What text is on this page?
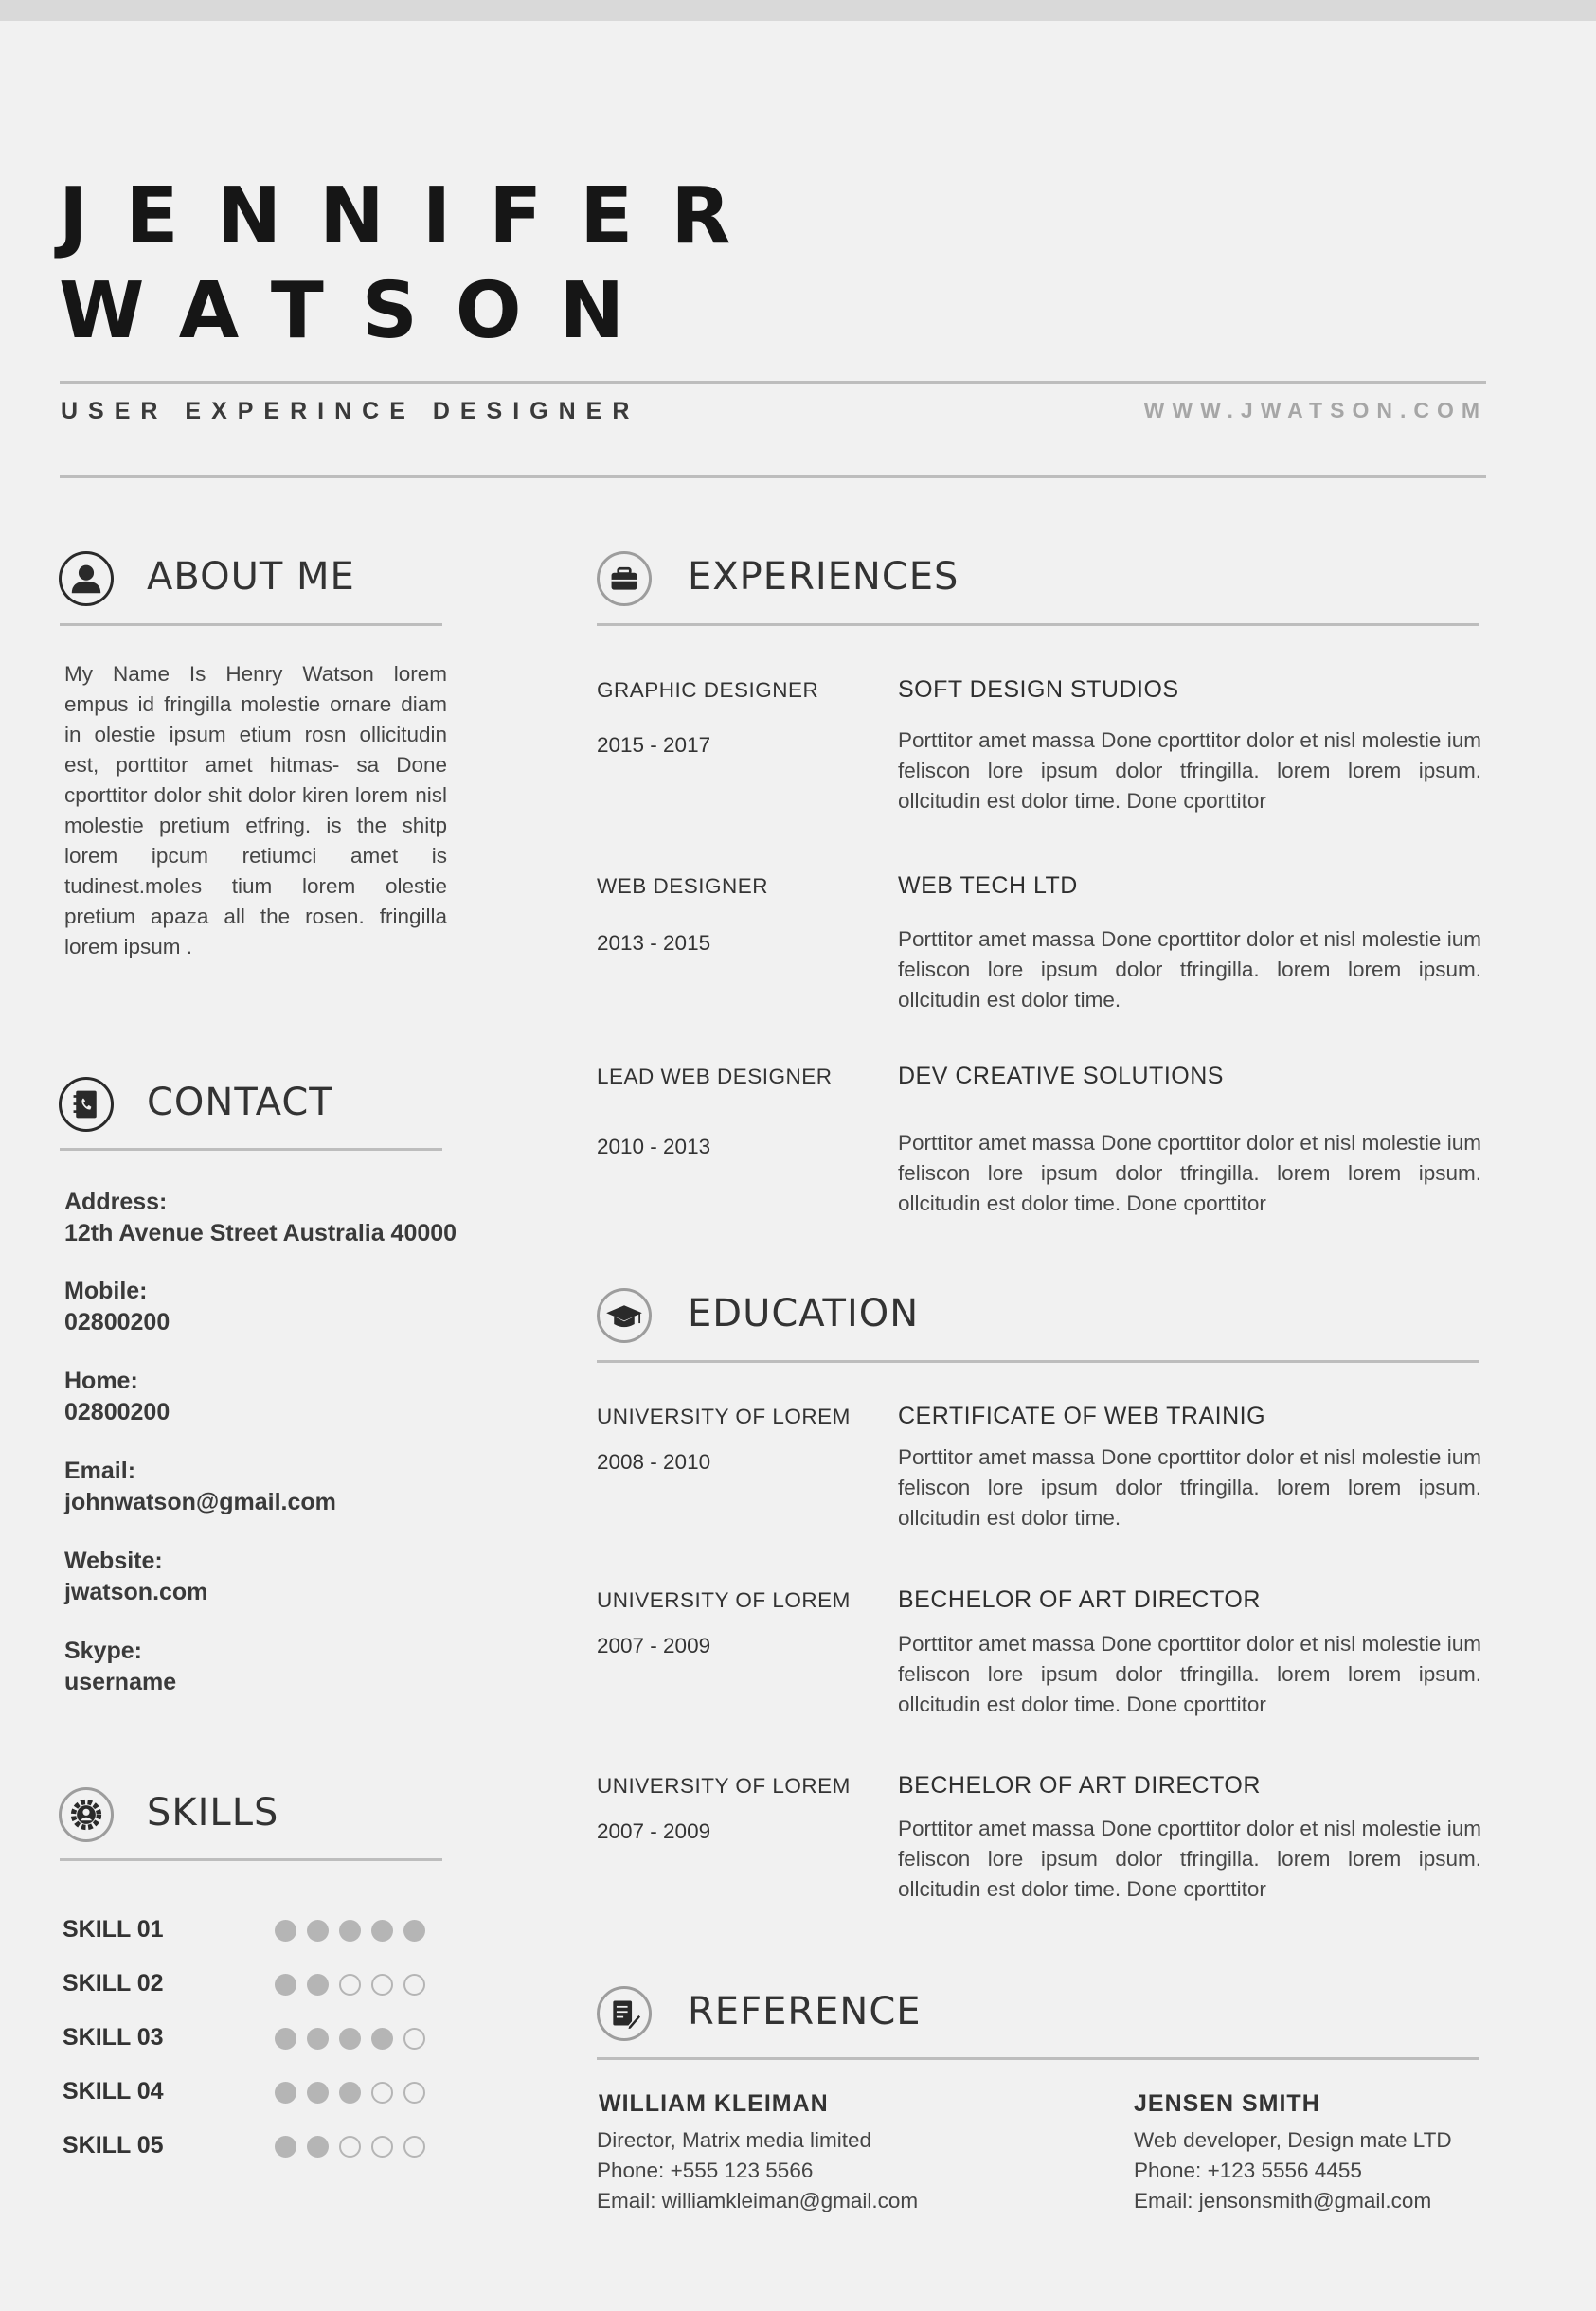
JENNIFER
WATSON
USER EXPERINCE DESIGNER	WWW.JWATSON.COM
ABOUT ME
My Name Is Henry Watson lorem empus id fringilla molestie ornare diam in olestie ipsum etium rosn ollicitudin est, porttitor amet hitmas- sa Done cporttitor dolor shit dolor kiren lorem nisl molestie pretium etfring. is the shitp lorem ipcum retiumci amet is tudinest.moles tium lorem olestie pretium apaza all the rosen. fringilla lorem ipsum .
CONTACT
Address:
12th Avenue Street Australia 40000
Mobile:
02800200
Home:
02800200
Email:
johnwatson@gmail.com
Website:
jwatson.com
Skype:
username
SKILLS
SKILL 01
SKILL 02
SKILL 03
SKILL 04
SKILL 05
EXPERIENCES
GRAPHIC DESIGNER
2015 - 2017
SOFT DESIGN STUDIOS
Porttitor amet massa Done cporttitor dolor et nisl molestie ium feliscon lore ipsum dolor tfringilla. lorem lorem ipsum. ollcitudin est dolor time. Done cporttitor
WEB DESIGNER
2013 - 2015
WEB TECH LTD
Porttitor amet massa Done cporttitor dolor et nisl molestie ium feliscon lore ipsum dolor tfringilla. lorem lorem ipsum. ollcitudin est dolor time.
LEAD WEB DESIGNER
2010 - 2013
DEV CREATIVE SOLUTIONS
Porttitor amet massa Done cporttitor dolor et nisl molestie ium feliscon lore ipsum dolor tfringilla. lorem lorem ipsum. ollcitudin est dolor time. Done cporttitor
EDUCATION
UNIVERSITY OF LOREM
2008 - 2010
CERTIFICATE OF WEB TRAINIG
Porttitor amet massa Done cporttitor dolor et nisl molestie ium feliscon lore ipsum dolor tfringilla. lorem lorem ipsum. ollcitudin est dolor time.
UNIVERSITY OF LOREM
2007 - 2009
BECHELOR OF ART DIRECTOR
Porttitor amet massa Done cporttitor dolor et nisl molestie ium feliscon lore ipsum dolor tfringilla. lorem lorem ipsum. ollcitudin est dolor time. Done cporttitor
UNIVERSITY OF LOREM
2007 - 2009
BECHELOR OF ART DIRECTOR
Porttitor amet massa Done cporttitor dolor et nisl molestie ium feliscon lore ipsum dolor tfringilla. lorem lorem ipsum. ollcitudin est dolor time. Done cporttitor
REFERENCE
WILLIAM KLEIMAN
Director, Matrix media limited
Phone: +555 123 5566
Email: williamkleiman@gmail.com
JENSEN SMITH
Web developer, Design mate LTD
Phone: +123 5556 4455
Email: jensonsmith@gmail.com
